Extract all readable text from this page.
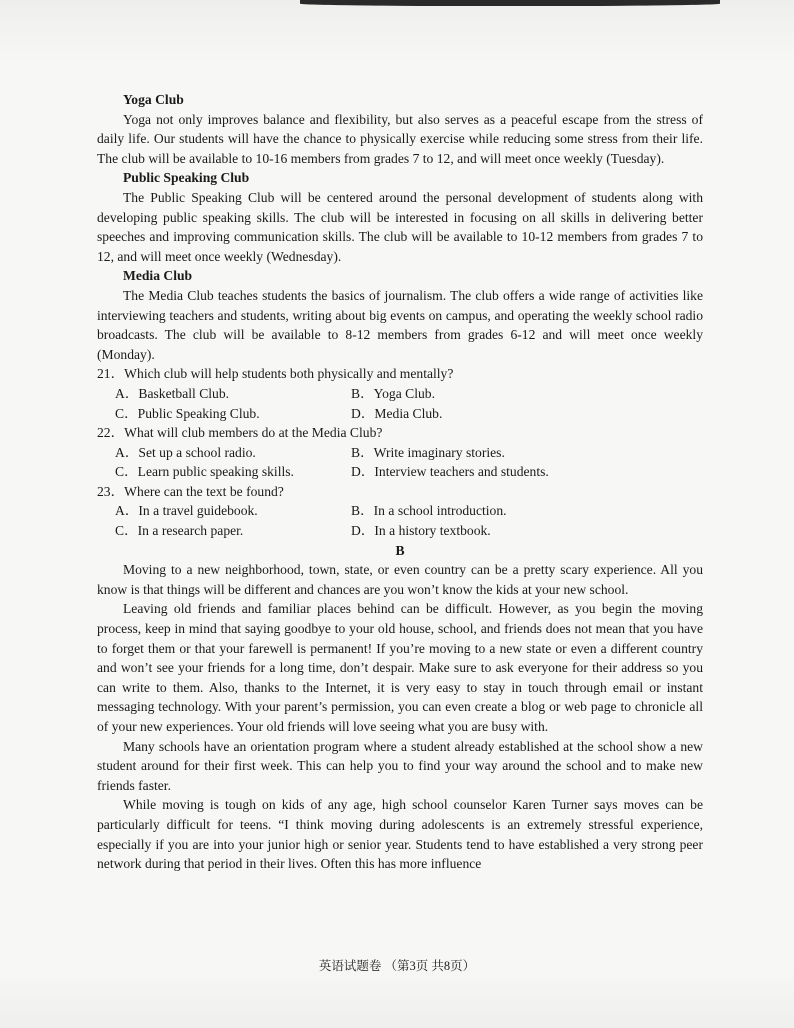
Yoga Club

Yoga not only improves balance and flexibility, but also serves as a peaceful escape from the stress of daily life. Our students will have the chance to physically exercise while reducing some stress from their life. The club will be available to 10-16 members from grades 7 to 12, and will meet once weekly (Tuesday).

Public Speaking Club

The Public Speaking Club will be centered around the personal development of students along with developing public speaking skills. The club will be interested in focusing on all skills in delivering better speeches and improving communication skills. The club will be available to 10-12 members from grades 7 to 12, and will meet once weekly (Wednesday).

Media Club

The Media Club teaches students the basics of journalism. The club offers a wide range of activities like interviewing teachers and students, writing about big events on campus, and operating the weekly school radio broadcasts. The club will be available to 8-12 members from grades 6-12 and will meet once weekly (Monday).

21．Which club will help students both physically and mentally?

A．Basketball Club.	B．Yoga Club.
C．Public Speaking Club.	D．Media Club.

22．What will club members do at the Media Club?

A．Set up a school radio.	B．Write imaginary stories.
C．Learn public speaking skills.	D．Interview teachers and students.

23．Where can the text be found?

A．In a travel guidebook.	B．In a school introduction.
C．In a research paper.	D．In a history textbook.

B

Moving to a new neighborhood, town, state, or even country can be a pretty scary experience. All you know is that things will be different and chances are you won’t know the kids at your new school.

Leaving old friends and familiar places behind can be difficult. However, as you begin the moving process, keep in mind that saying goodbye to your old house, school, and friends does not mean that you have to forget them or that your farewell is permanent! If you’re moving to a new state or even a different country and won’t see your friends for a long time, don’t despair. Make sure to ask everyone for their address so you can write to them. Also, thanks to the Internet, it is very easy to stay in touch through email or instant messaging technology. With your parent’s permission, you can even create a blog or web page to chronicle all of your new experiences. Your old friends will love seeing what you are busy with.

Many schools have an orientation program where a student already established at the school show a new student around for their first week. This can help you to find your way around the school and to make new friends faster.

While moving is tough on kids of any age, high school counselor Karen Turner says moves can be particularly difficult for teens. “I think moving during adolescents is an extremely stressful experience, especially if you are into your junior high or senior year. Students tend to have established a very strong peer network during that period in their lives. Often this has more influence

英语试题卷 （第3页 共8页）
